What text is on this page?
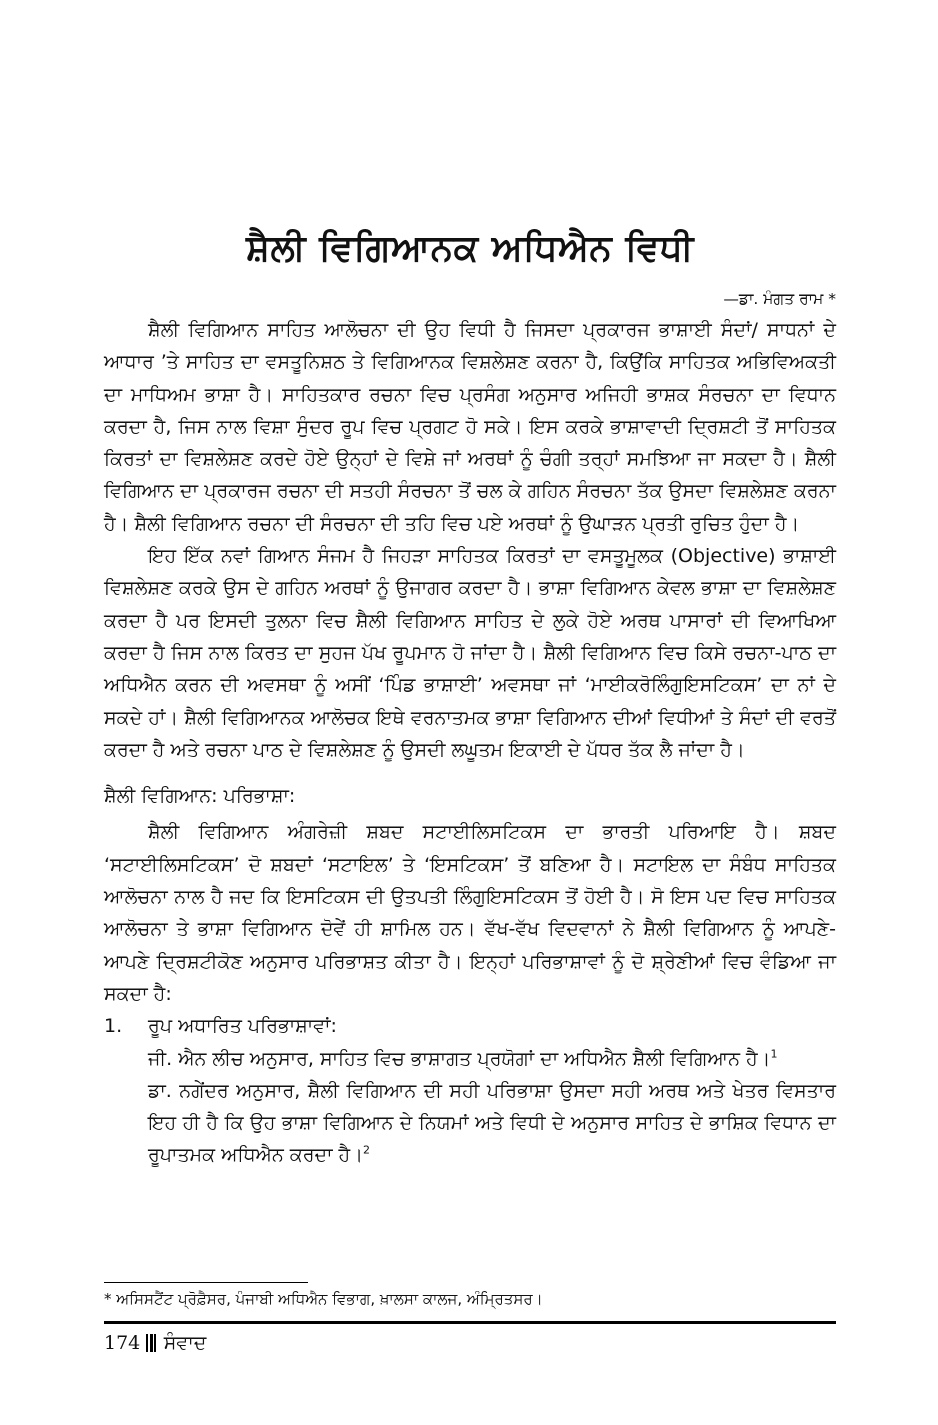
ਸ਼ੈਲੀ ਵਿਗਿਆਨਕ ਅਧਿਐਨ ਵਿਧੀ
—ਡਾ. ਮੰਗਤ ਰਾਮ *

ਸ਼ੈਲੀ ਵਿਗਿਆਨ ਸਾਹਿਤ ਆਲੋਚਨਾ ਦੀ ਉਹ ਵਿਧੀ ਹੈ ਜਿਸਦਾ ਪ੍ਰਕਾਰਜ ਭਾਸ਼ਾਈ ਸੰਦਾਂ/ ਸਾਧਨਾਂ ਦੇ ਆਧਾਰ ’ਤੇ ਸਾਹਿਤ ਦਾ ਵਸਤੂਨਿਸ਼ਠ ਤੇ ਵਿਗਿਆਨਕ ਵਿਸ਼ਲੇਸ਼ਣ ਕਰਨਾ ਹੈ, ਕਿਉਂਕਿ ਸਾਹਿਤਕ ਅਭਿਵਿਅਕਤੀ ਦਾ ਮਾਧਿਅਮ ਭਾਸ਼ਾ ਹੈ। ਸਾਹਿਤਕਾਰ ਰਚਨਾ ਵਿਚ ਪ੍ਰਸੰਗ ਅਨੁਸਾਰ ਅਜਿਹੀ ਭਾਸ਼ਕ ਸੰਰਚਨਾ ਦਾ ਵਿਧਾਨ ਕਰਦਾ ਹੈ, ਜਿਸ ਨਾਲ ਵਿਸ਼ਾ ਸੁੰਦਰ ਰੂਪ ਵਿਚ ਪ੍ਰਗਟ ਹੋ ਸਕੇ। ਇਸ ਕਰਕੇ ਭਾਸ਼ਾਵਾਦੀ ਦ੍ਰਿਸ਼ਟੀ ਤੋਂ ਸਾਹਿਤਕ ਕਿਰਤਾਂ ਦਾ ਵਿਸ਼ਲੇਸ਼ਣ ਕਰਦੇ ਹੋਏ ਉਨ੍ਹਾਂ ਦੇ ਵਿਸ਼ੇ ਜਾਂ ਅਰਥਾਂ ਨੂੰ ਚੰਗੀ ਤਰ੍ਹਾਂ ਸਮਝਿਆ ਜਾ ਸਕਦਾ ਹੈ। ਸ਼ੈਲੀ ਵਿਗਿਆਨ ਦਾ ਪ੍ਰਕਾਰਜ ਰਚਨਾ ਦੀ ਸਤਹੀ ਸੰਰਚਨਾ ਤੋਂ ਚਲ ਕੇ ਗਹਿਨ ਸੰਰਚਨਾ ਤੱਕ ਉਸਦਾ ਵਿਸ਼ਲੇਸ਼ਣ ਕਰਨਾ ਹੈ। ਸ਼ੈਲੀ ਵਿਗਿਆਨ ਰਚਨਾ ਦੀ ਸੰਰਚਨਾ ਦੀ ਤਹਿ ਵਿਚ ਪਏ ਅਰਥਾਂ ਨੂੰ ਉਘਾੜਨ ਪ੍ਰਤੀ ਰੁਚਿਤ ਹੁੰਦਾ ਹੈ।

ਇਹ ਇੱਕ ਨਵਾਂ ਗਿਆਨ ਸੰਜਮ ਹੈ ਜਿਹੜਾ ਸਾਹਿਤਕ ਕਿਰਤਾਂ ਦਾ ਵਸਤੂਮੂਲਕ (Objective) ਭਾਸ਼ਾਈ ਵਿਸ਼ਲੇਸ਼ਣ ਕਰਕੇ ਉਸ ਦੇ ਗਹਿਨ ਅਰਥਾਂ ਨੂੰ ਉਜਾਗਰ ਕਰਦਾ ਹੈ। ਭਾਸ਼ਾ ਵਿਗਿਆਨ ਕੇਵਲ ਭਾਸ਼ਾ ਦਾ ਵਿਸ਼ਲੇਸ਼ਣ ਕਰਦਾ ਹੈ ਪਰ ਇਸਦੀ ਤੁਲਨਾ ਵਿਚ ਸ਼ੈਲੀ ਵਿਗਿਆਨ ਸਾਹਿਤ ਦੇ ਲੁਕੇ ਹੋਏ ਅਰਥ ਪਾਸਾਰਾਂ ਦੀ ਵਿਆਖਿਆ ਕਰਦਾ ਹੈ ਜਿਸ ਨਾਲ ਕਿਰਤ ਦਾ ਸੁਹਜ ਪੱਖ ਰੂਪਮਾਨ ਹੋ ਜਾਂਦਾ ਹੈ। ਸ਼ੈਲੀ ਵਿਗਿਆਨ ਵਿਚ ਕਿਸੇ ਰਚਨਾ-ਪਾਠ ਦਾ ਅਧਿਐਨ ਕਰਨ ਦੀ ਅਵਸਥਾ ਨੂੰ ਅਸੀਂ ‘ਪਿੰਡ ਭਾਸ਼ਾਈ’ ਅਵਸਥਾ ਜਾਂ ‘ਮਾਈਕਰੋਲਿੰਗੁਇਸਟਿਕਸ’ ਦਾ ਨਾਂ ਦੇ ਸਕਦੇ ਹਾਂ। ਸ਼ੈਲੀ ਵਿਗਿਆਨਕ ਆਲੋਚਕ ਇਥੇ ਵਰਨਾਤਮਕ ਭਾਸ਼ਾ ਵਿਗਿਆਨ ਦੀਆਂ ਵਿਧੀਆਂ ਤੇ ਸੰਦਾਂ ਦੀ ਵਰਤੋਂ ਕਰਦਾ ਹੈ ਅਤੇ ਰਚਨਾ ਪਾਠ ਦੇ ਵਿਸ਼ਲੇਸ਼ਣ ਨੂੰ ਉਸਦੀ ਲਘੂਤਮ ਇਕਾਈ ਦੇ ਪੱਧਰ ਤੱਕ ਲੈ ਜਾਂਦਾ ਹੈ।

ਸ਼ੈਲੀ ਵਿਗਿਆਨ: ਪਰਿਭਾਸ਼ਾ:

ਸ਼ੈਲੀ ਵਿਗਿਆਨ ਅੰਗਰੇਜ਼ੀ ਸ਼ਬਦ ਸਟਾਈਲਿਸਟਿਕਸ ਦਾ ਭਾਰਤੀ ਪਰਿਆਇ ਹੈ। ਸ਼ਬਦ ‘ਸਟਾਈਲਿਸਟਿਕਸ’ ਦੋ ਸ਼ਬਦਾਂ ‘ਸਟਾਇਲ’ ਤੇ ‘ਇਸਟਿਕਸ’ ਤੋਂ ਬਣਿਆ ਹੈ। ਸਟਾਇਲ ਦਾ ਸੰਬੰਧ ਸਾਹਿਤਕ ਆਲੋਚਨਾ ਨਾਲ ਹੈ ਜਦ ਕਿ ਇਸਟਿਕਸ ਦੀ ਉਤਪਤੀ ਲਿੰਗੁਇਸਟਿਕਸ ਤੋਂ ਹੋਈ ਹੈ। ਸੋ ਇਸ ਪਦ ਵਿਚ ਸਾਹਿਤਕ ਆਲੋਚਨਾ ਤੇ ਭਾਸ਼ਾ ਵਿਗਿਆਨ ਦੋਵੇਂ ਹੀ ਸ਼ਾਮਿਲ ਹਨ। ਵੱਖ-ਵੱਖ ਵਿਦਵਾਨਾਂ ਨੇ ਸ਼ੈਲੀ ਵਿਗਿਆਨ ਨੂੰ ਆਪਣੇ-ਆਪਣੇ ਦ੍ਰਿਸ਼ਟੀਕੋਣ ਅਨੁਸਾਰ ਪਰਿਭਾਸ਼ਤ ਕੀਤਾ ਹੈ। ਇਨ੍ਹਾਂ ਪਰਿਭਾਸ਼ਾਵਾਂ ਨੂੰ ਦੋ ਸ਼੍ਰੇਣੀਆਂ ਵਿਚ ਵੰਡਿਆ ਜਾ ਸਕਦਾ ਹੈ:

1.	ਰੂਪ ਅਧਾਰਿਤ ਪਰਿਭਾਸ਼ਾਵਾਂ:

ਜੀ. ਐਨ ਲੀਚ ਅਨੁਸਾਰ, ਸਾਹਿਤ ਵਿਚ ਭਾਸ਼ਾਗਤ ਪ੍ਰਯੋਗਾਂ ਦਾ ਅਧਿਐਨ ਸ਼ੈਲੀ ਵਿਗਿਆਨ ਹੈ।$^1$

ਡਾ. ਨਗੇਂਦਰ ਅਨੁਸਾਰ, ਸ਼ੈਲੀ ਵਿਗਿਆਨ ਦੀ ਸਹੀ ਪਰਿਭਾਸ਼ਾ ਉਸਦਾ ਸਹੀ ਅਰਥ ਅਤੇ ਖੇਤਰ ਵਿਸਤਾਰ ਇਹ ਹੀ ਹੈ ਕਿ ਉਹ ਭਾਸ਼ਾ ਵਿਗਿਆਨ ਦੇ ਨਿਯਮਾਂ ਅਤੇ ਵਿਧੀ ਦੇ ਅਨੁਸਾਰ ਸਾਹਿਤ ਦੇ ਭਾਸ਼ਿਕ ਵਿਧਾਨ ਦਾ ਰੂਪਾਤਮਕ ਅਧਿਐਨ ਕਰਦਾ ਹੈ।$^2$

* ਅਸਿਸਟੈਂਟ ਪ੍ਰੋਫ਼ੈਸਰ, ਪੰਜਾਬੀ ਅਧਿਐਨ ਵਿਭਾਗ, ਖ਼ਾਲਸਾ ਕਾਲਜ, ਅੰਮ੍ਰਿਤਸਰ।
174 ਸੰਵਾਦ
